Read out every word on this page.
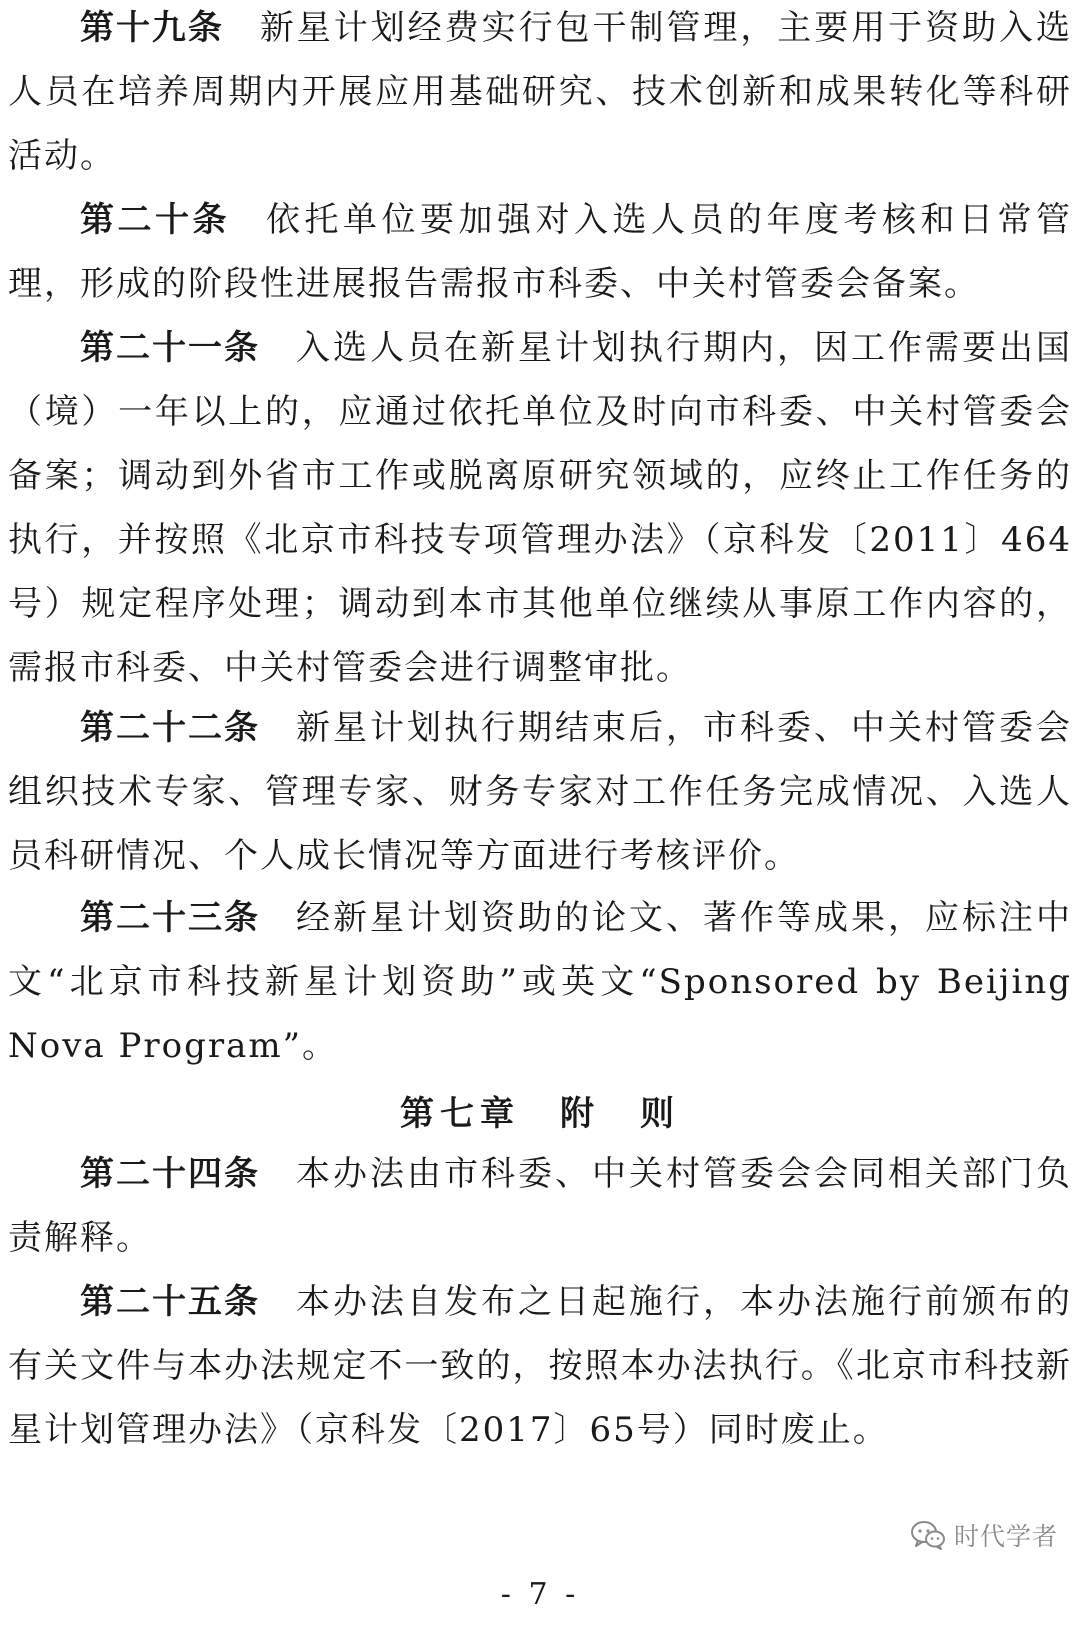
第十九条 新星计划经费实行包干制管理，主要用于资助入选人员在培养周期内开展应用基础研究、技术创新和成果转化等科研活动。

第二十条 依托单位要加强对入选人员的年度考核和日常管理，形成的阶段性进展报告需报市科委、中关村管委会备案。

第二十一条 入选人员在新星计划执行期内，因工作需要出国（境）一年以上的，应通过依托单位及时向市科委、中关村管委会备案；调动到外省市工作或脱离原研究领域的，应终止工作任务的执行，并按照《北京市科技专项管理办法》（京科发〔2011〕464号）规定程序处理；调动到本市其他单位继续从事原工作内容的，需报市科委、中关村管委会进行调整审批。

第二十二条 新星计划执行期结束后，市科委、中关村管委会组织技术专家、管理专家、财务专家对工作任务完成情况、入选人员科研情况、个人成长情况等方面进行考核评价。

第二十三条 经新星计划资助的论文、著作等成果，应标注中文“北京市科技新星计划资助”或英文“Sponsored by Beijing Nova Program”。

第七章　附　则

第二十四条 本办法由市科委、中关村管委会会同相关部门负责解释。

第二十五条 本办法自发布之日起施行，本办法施行前颁布的有关文件与本办法规定不一致的，按照本办法执行。《北京市科技新星计划管理办法》（京科发〔2017〕65号）同时废止。

时代学者
- 7 -
